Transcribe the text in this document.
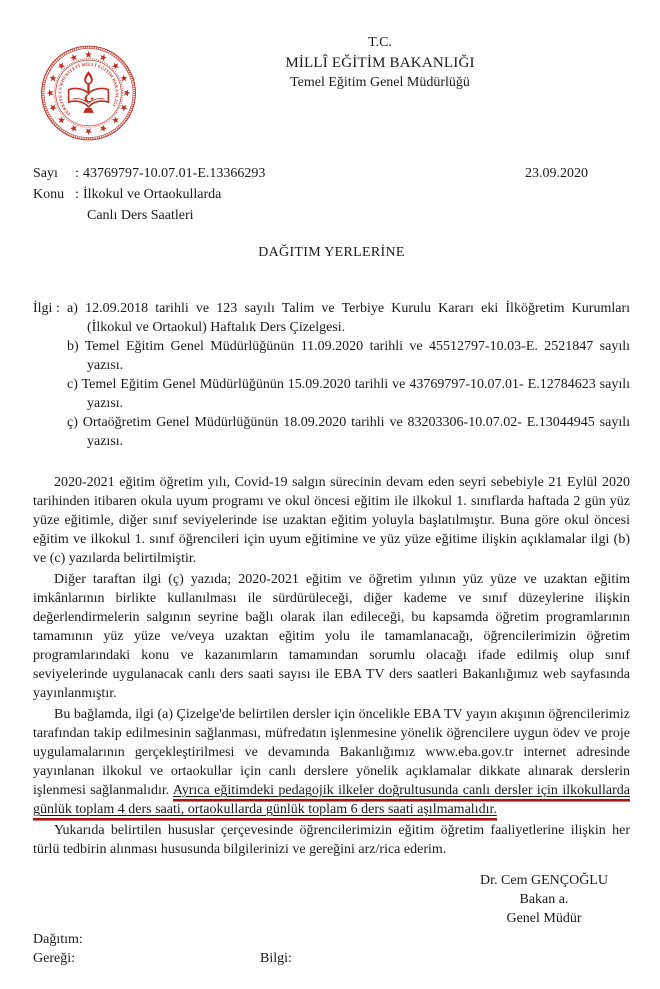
TÜRKİYE CUMHURİYETİ MİLLÎ EĞİTİM BAKANLIĞI
· ·
T.C.
MİLLÎ EĞİTİM BAKANLIĞI
Temel Eğitim Genel Müdürlüğü
Sayı	: 43769797-10.07.01-E.13366293
Konu : İlkokul ve Ortaokullarda
Canlı Ders Saatleri
23.09.2020
DAĞITIM YERLERİNE
İlgi : a) 12.09.2018 tarihli ve 123 sayılı Talim ve Terbiye Kurulu Kararı eki İlköğretim Kurumları (İlkokul ve Ortaokul) Haftalık Ders Çizelgesi.
b) Temel Eğitim Genel Müdürlüğünün 11.09.2020 tarihli ve 45512797-10.03-E. 2521847 sayılı yazısı.
c) Temel Eğitim Genel Müdürlüğünün 15.09.2020 tarihli ve 43769797-10.07.01- E.12784623 sayılı yazısı.
ç) Ortaöğretim Genel Müdürlüğünün 18.09.2020 tarihli ve 83203306-10.07.02- E.13044945 sayılı yazısı.

2020-2021 eğitim öğretim yılı, Covid-19 salgın sürecinin devam eden seyri sebebiyle 21 Eylül 2020 tarihinden itibaren okula uyum programı ve okul öncesi eğitim ile ilkokul 1. sınıflarda haftada 2 gün yüz yüze eğitimle, diğer sınıf seviyelerinde ise uzaktan eğitim yoluyla başlatılmıştır. Buna göre okul öncesi eğitim ve ilkokul 1. sınıf öğrencileri için uyum eğitimine ve yüz yüze eğitime ilişkin açıklamalar ilgi (b) ve (c) yazılarda belirtilmiştir.

Diğer taraftan ilgi (ç) yazıda; 2020-2021 eğitim ve öğretim yılının yüz yüze ve uzaktan eğitim imkânlarının birlikte kullanılması ile sürdürüleceği, diğer kademe ve sınıf düzeylerine ilişkin değerlendirmelerin salgının seyrine bağlı olarak ilan edileceği, bu kapsamda öğretim programlarının tamamının yüz yüze ve/veya uzaktan eğitim yolu ile tamamlanacağı, öğrencilerimizin öğretim programlarındaki konu ve kazanımların tamamından sorumlu olacağı ifade edilmiş olup sınıf seviyelerinde uygulanacak canlı ders saati sayısı ile EBA TV ders saatleri Bakanlığımız web sayfasında yayınlanmıştır.

Bu bağlamda, ilgi (a) Çizelge'de belirtilen dersler için öncelikle EBA TV yayın akışının öğrencilerimiz tarafından takip edilmesinin sağlanması, müfredatın işlenmesine yönelik öğrencilere uygun ödev ve proje uygulamalarının gerçekleştirilmesi ve devamında Bakanlığımız www.eba.gov.tr internet adresinde yayınlanan ilkokul ve ortaokullar için canlı derslere yönelik açıklamalar dikkate alınarak derslerin işlenmesi sağlanmalıdır. Ayrıca eğitimdeki pedagojik ilkeler doğrultusunda canlı dersler için ilkokullarda günlük toplam 4 ders saati, ortaokullarda günlük toplam 6 ders saati aşılmamalıdır.

Yukarıda belirtilen hususlar çerçevesinde öğrencilerimizin eğitim öğretim faaliyetlerine ilişkin her türlü tedbirin alınması hususunda bilgilerinizi ve gereğini arz/rica ederim.

Dr. Cem GENÇOĞLU
Bakan a.
Genel Müdür
Dağıtım:
Gereği:	Bilgi:
